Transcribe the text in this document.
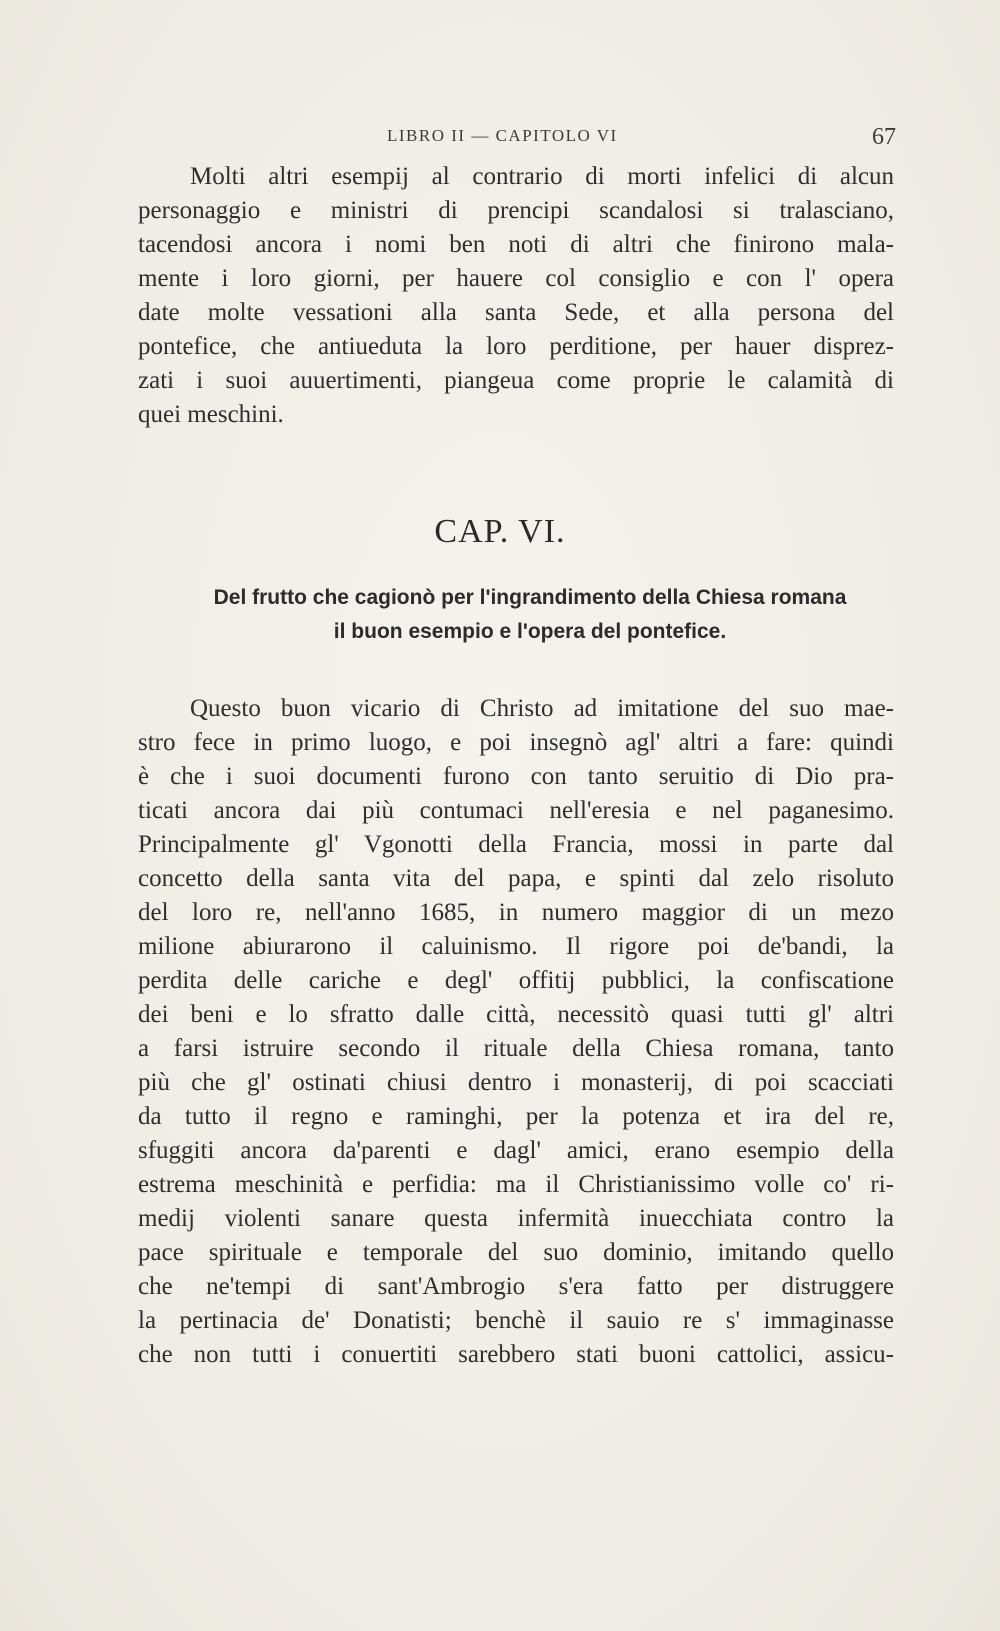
LIBRO II — CAPITOLO VI	67
Molti altri esempij al contrario di morti infelici di alcun
personaggio e ministri di prencipi scandalosi si tralasciano,
tacendosi ancora i nomi ben noti di altri che finirono mala-
mente i loro giorni, per hauere col consiglio e con l' opera
date molte vessationi alla santa Sede, et alla persona del
pontefice, che antiueduta la loro perditione, per hauer disprez-
zati i suoi auuertimenti, piangeua come proprie le calamità di
quei meschini.
CAP. VI.
Del frutto che cagionò per l'ingrandimento della Chiesa romana
il buon esempio e l'opera del pontefice.
Questo buon vicario di Christo ad imitatione del suo mae-
stro fece in primo luogo, e poi insegnò agl' altri a fare: quindi
è che i suoi documenti furono con tanto seruitio di Dio pra-
ticati ancora dai più contumaci nell'eresia e nel paganesimo.
Principalmente gl' Vgonotti della Francia, mossi in parte dal
concetto della santa vita del papa, e spinti dal zelo risoluto
del loro re, nell'anno 1685, in numero maggior di un mezo
milione abiurarono il caluinismo. Il rigore poi de'bandi, la
perdita delle cariche e degl' offitij pubblici, la confiscatione
dei beni e lo sfratto dalle città, necessitò quasi tutti gl' altri
a farsi istruire secondo il rituale della Chiesa romana, tanto
più che gl' ostinati chiusi dentro i monasterij, di poi scacciati
da tutto il regno e raminghi, per la potenza et ira del re,
sfuggiti ancora da'parenti e dagl' amici, erano esempio della
estrema meschinità e perfidia: ma il Christianissimo volle co' ri-
medij violenti sanare questa infermità inuecchiata contro la
pace spirituale e temporale del suo dominio, imitando quello
che ne'tempi di sant'Ambrogio s'era fatto per distruggere
la pertinacia de' Donatisti; benchè il sauio re s' immaginasse
che non tutti i conuertiti sarebbero stati buoni cattolici, assicu-
